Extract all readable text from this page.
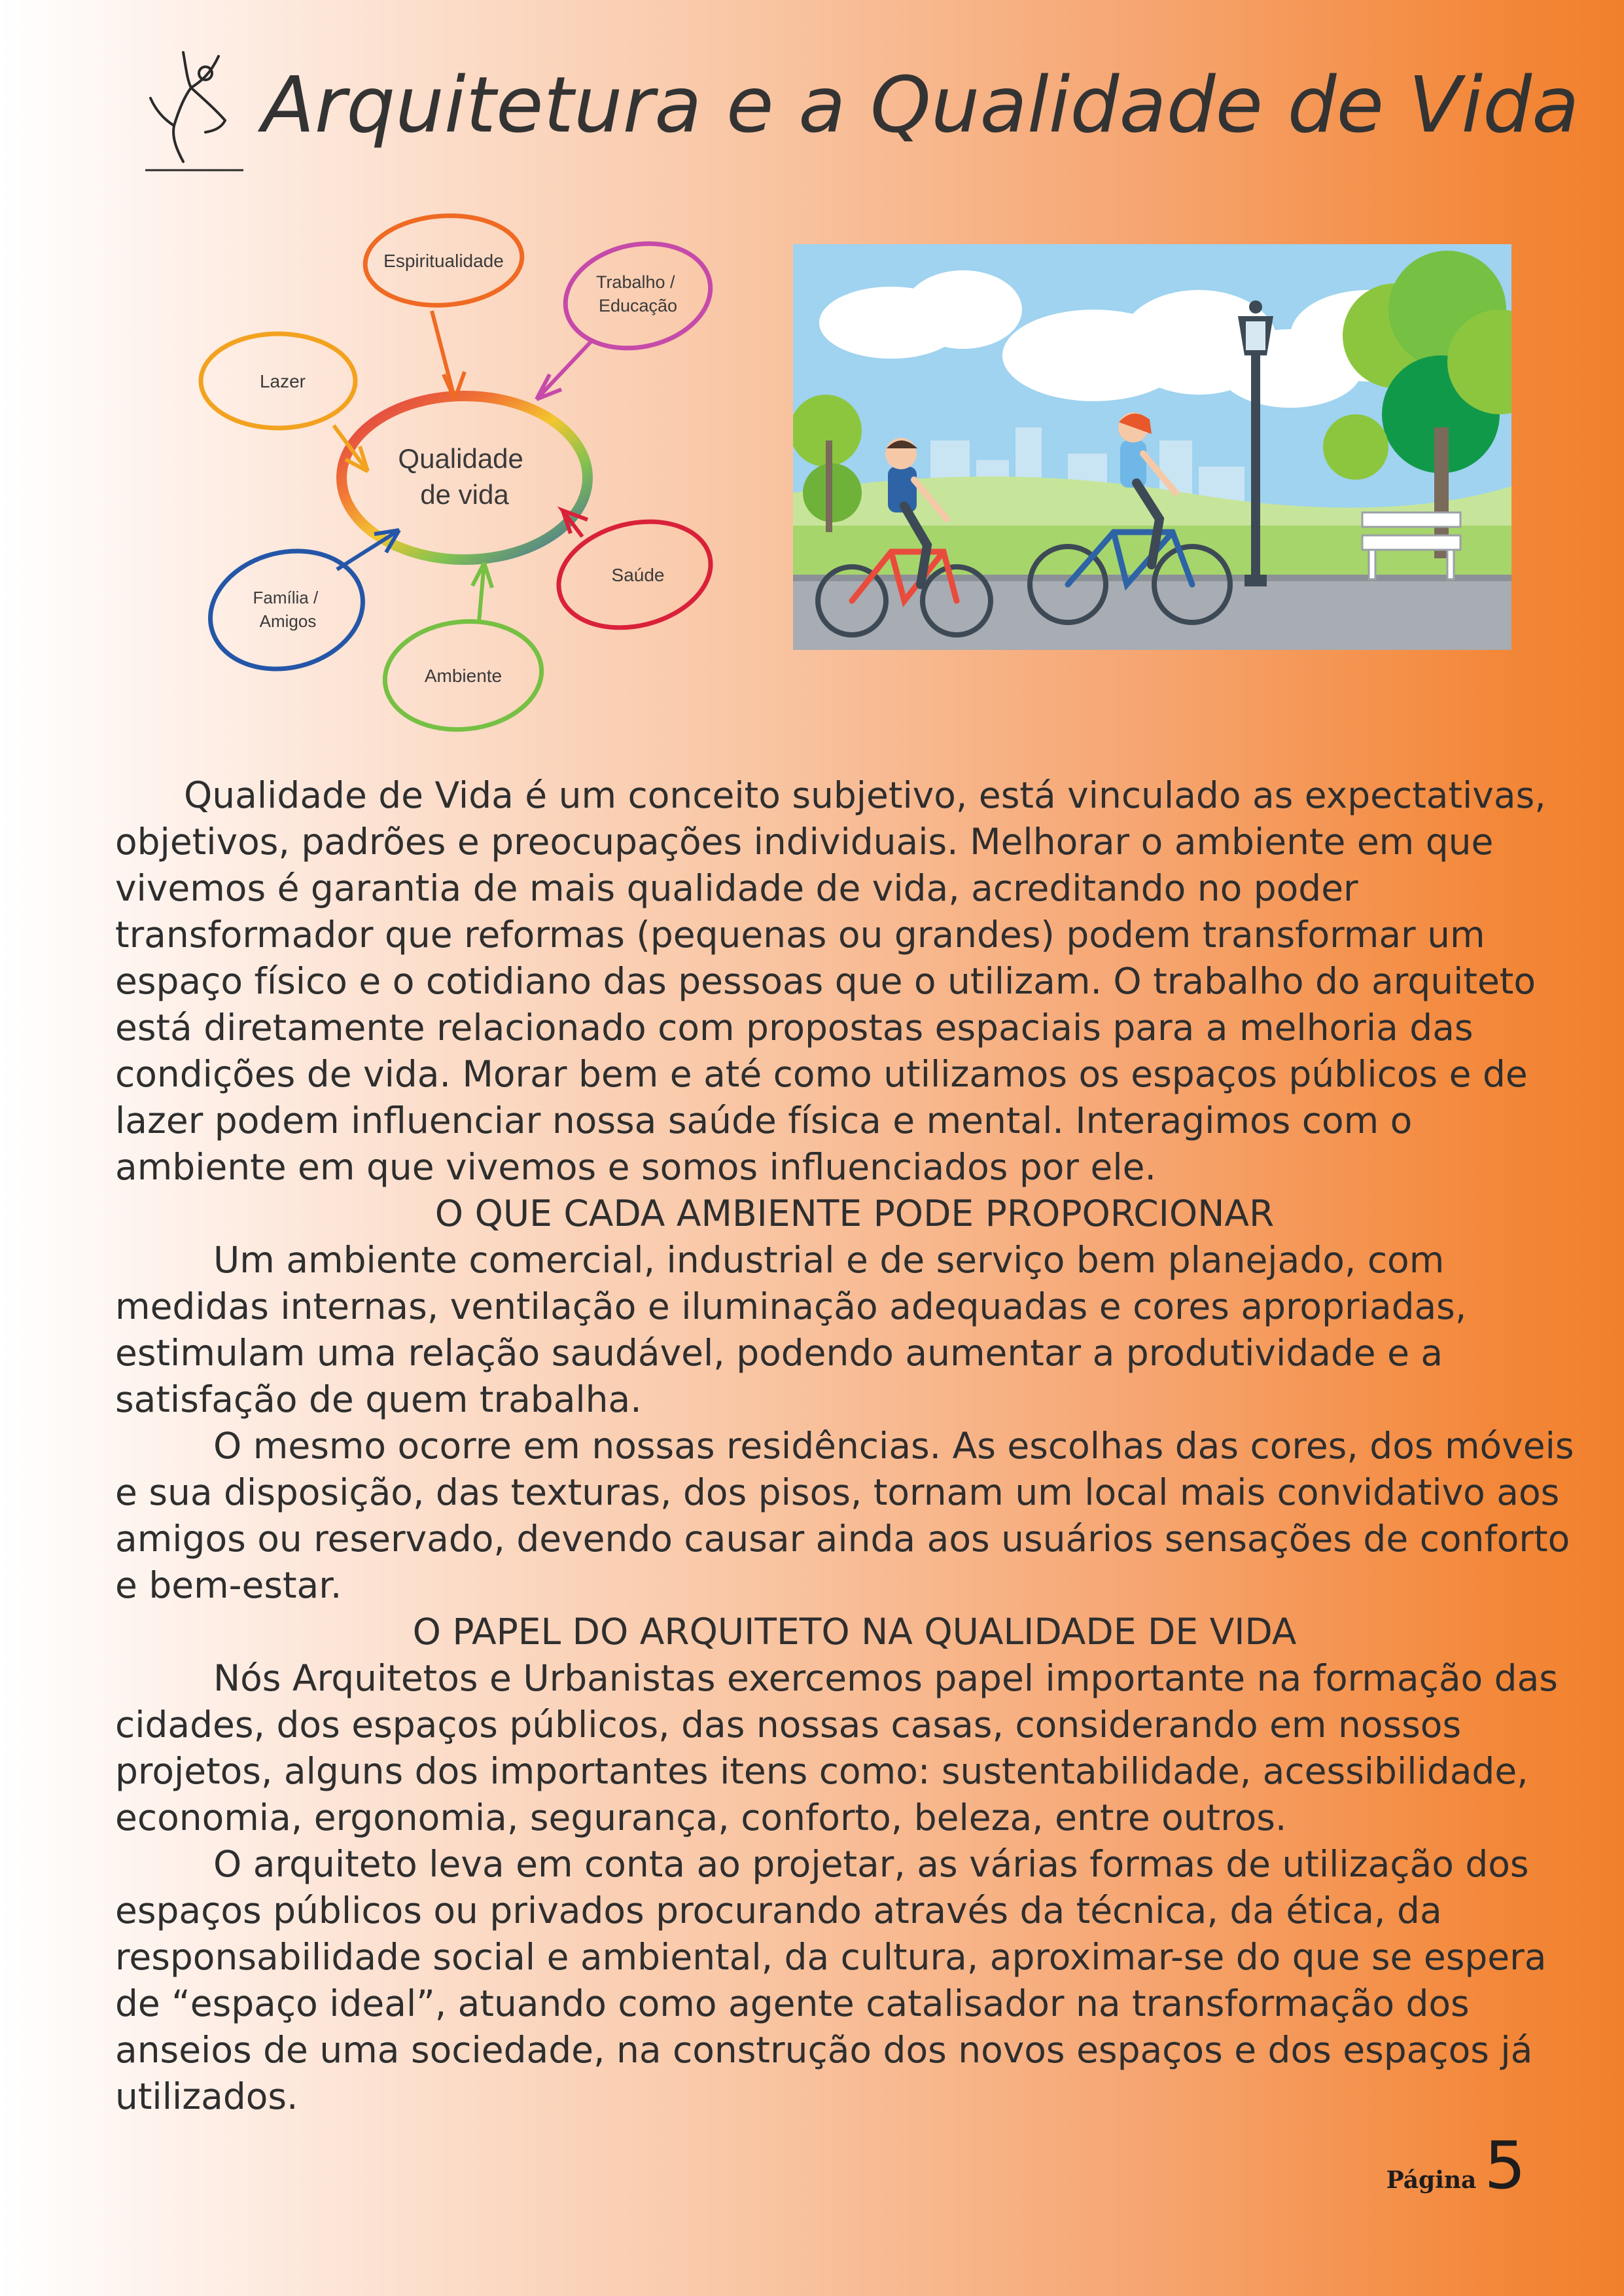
Arquitetura e a Qualidade de Vida
Qualidade de vida
Espiritualidade
Trabalho / Educação
Lazer
Saúde
Família / Amigos
Ambiente

Qualidade de Vida é um conceito subjetivo, está vinculado as expectativas, objetivos, padrões e preocupações individuais. Melhorar o ambiente em que vivemos é garantia de mais qualidade de vida, acreditando no poder transformador que reformas (pequenas ou grandes) podem transformar um espaço físico e o cotidiano das pessoas que o utilizam. O trabalho do arquiteto está diretamente relacionado com propostas espaciais para a melhoria das condições de vida. Morar bem e até como utilizamos os espaços públicos e de lazer podem influenciar nossa saúde física e mental. Interagimos com o ambiente em que vivemos e somos influenciados por ele.

O QUE CADA AMBIENTE PODE PROPORCIONAR

Um ambiente comercial, industrial e de serviço bem planejado, com medidas internas, ventilação e iluminação adequadas e cores apropriadas, estimulam uma relação saudável, podendo aumentar a produtividade e a satisfação de quem trabalha.

O mesmo ocorre em nossas residências. As escolhas das cores, dos móveis e sua disposição, das texturas, dos pisos, tornam um local mais convidativo aos amigos ou reservado, devendo causar ainda aos usuários sensações de conforto e bem-estar.

O PAPEL DO ARQUITETO NA QUALIDADE DE VIDA

Nós Arquitetos e Urbanistas exercemos papel importante na formação das cidades, dos espaços públicos, das nossas casas, considerando em nossos projetos, alguns dos importantes itens como: sustentabilidade, acessibilidade, economia, ergonomia, segurança, conforto, beleza, entre outros.

O arquiteto leva em conta ao projetar, as várias formas de utilização dos espaços públicos ou privados procurando através da técnica, da ética, da responsabilidade social e ambiental, da cultura, aproximar-se do que se espera de “espaço ideal”, atuando como agente catalisador na transformação dos anseios de uma sociedade, na construção dos novos espaços e dos espaços já utilizados.

Página 5
